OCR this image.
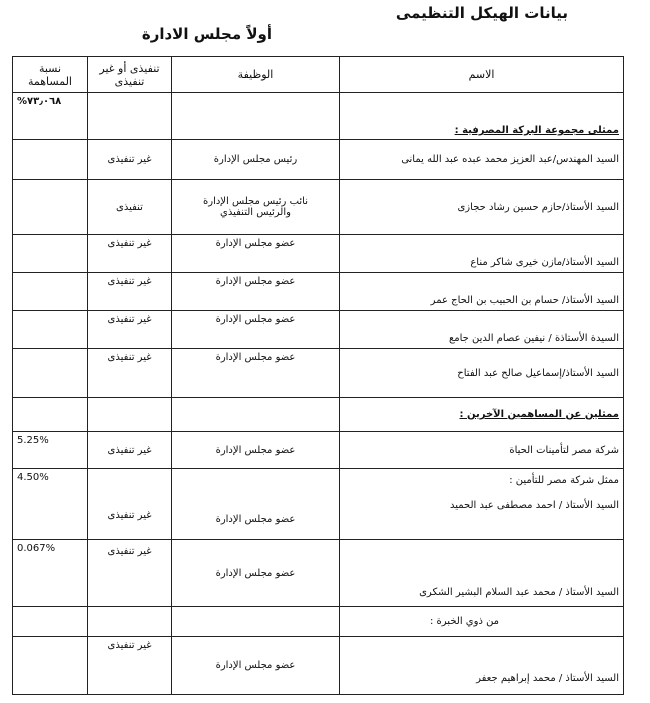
بيانات الهيكل التنظيمى
أولاً مجلس الادارة
الاسم	الوظيفة	تنفيذى أو غير تنفيذى	نسبة المساهمة
ممثلى مجموعة البركة المصرفية :			%٧٣٫٠٦٨

السيد المهندس/عبد العزيز محمد عبده عبد الله يمانى	رئيس مجلس الإدارة	غير تنفيذى	
السيد الأستاذ/حازم حسين رشاد حجازى	نائب رئيس مجلس الإدارة
والرئيس التنفيذي	تنفيذى	
السيد الأستاذ/مازن خيرى شاكر مناع	عضو مجلس الإدارة	غير تنفيذى	
السيد الأستاذ/ حسام بن الحبيب بن الحاج عمر	عضو مجلس الإدارة	غير تنفيذى	
السيدة الأستاذة / نيفين عصام الدين جامع	عضو مجلس الإدارة	غير تنفيذى	
السيد الأستاذ/إسماعيل صالح عبد الفتاح	عضو مجلس الإدارة	غير تنفيذى	
ممثلين عن المساهمين الآخرين :			
شركة مصر لتأمينات الحياة	عضو مجلس الإدارة	غير تنفيذى	5.25%

ممثل شركة مصر للتأمين :
السيد الأستاذ / احمد مصطفى عبد الحميد	عضو مجلس الإدارة	غير تنفيذى	4.50%

السيد الأستاذ / محمد عبد السلام البشير الشكرى	عضو مجلس الإدارة	غير تنفيذى	0.067%

من ذوي الخبرة :			
السيد الأستاذ / محمد إبراهيم جعفر	عضو مجلس الإدارة	غير تنفيذى	
